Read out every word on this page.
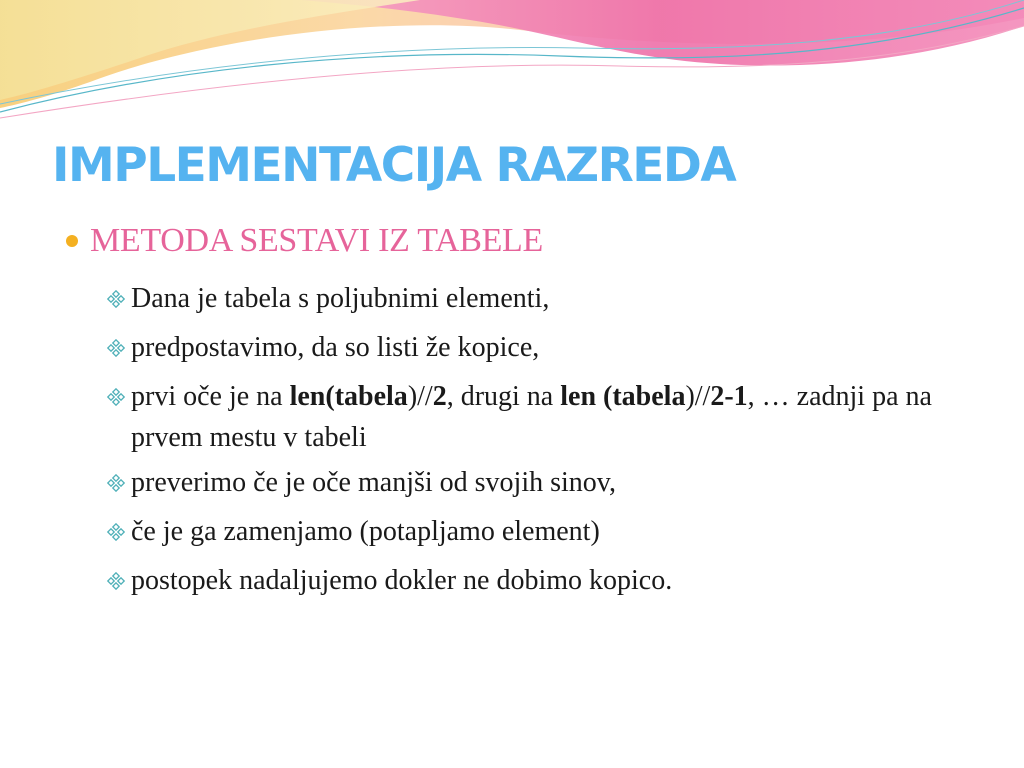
IMPLEMENTACIJA RAZREDA
METODA SESTAVI IZ TABELE
Dana je tabela s poljubnimi elementi,
predpostavimo, da so listi že kopice,
prvi oče je na len(tabela)//2, drugi na len (tabela)//2-1, … zadnji pa na prvem mestu v tabeli
preverimo če je oče manjši od svojih sinov,
če je ga zamenjamo (potapljamo element)
postopek nadaljujemo dokler ne dobimo kopico.
